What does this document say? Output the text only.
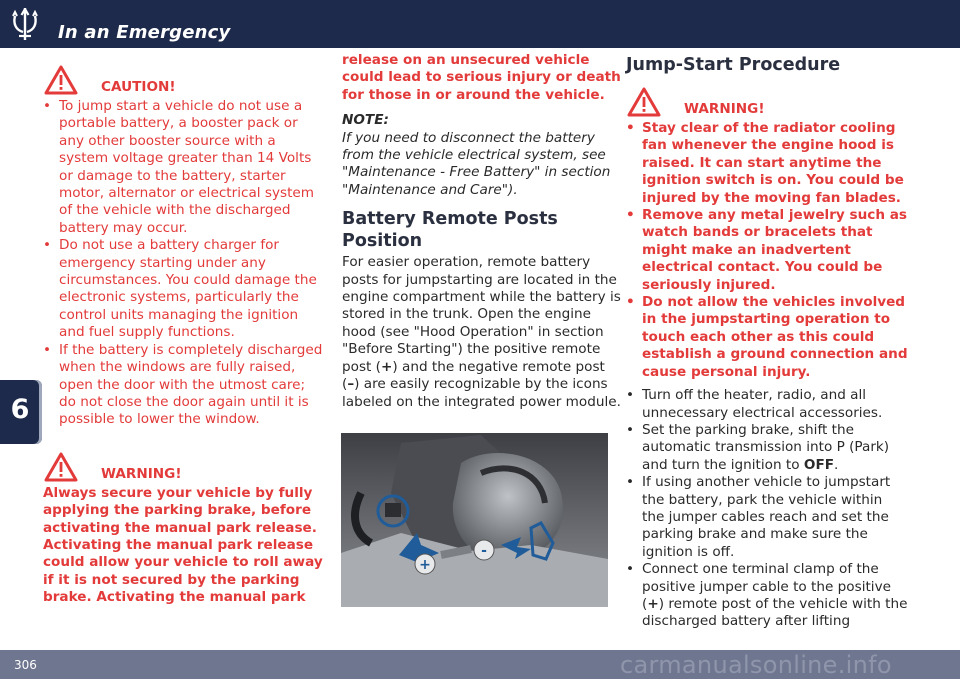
In an Emergency
6
CAUTION!

• To jump start a vehicle do not use a portable battery, a booster pack or any other booster source with a system voltage greater than 14 Volts or damage to the battery, starter motor, alternator or electrical system of the vehicle with the discharged battery may occur.

• Do not use a battery charger for emergency starting under any circumstances. You could damage the electronic systems, particularly the control units managing the ignition and fuel supply functions.

• If the battery is completely discharged when the windows are fully raised, open the door with the utmost care; do not close the door again until it is possible to lower the window.

WARNING!

Always secure your vehicle by fully applying the parking brake, before activating the manual park release. Activating the manual park release could allow your vehicle to roll away if it is not secured by the parking brake. Activating the manual park

release on an unsecured vehicle could lead to serious injury or death for those in or around the vehicle.

NOTE:

If you need to disconnect the battery from the vehicle electrical system, see "Maintenance - Free Battery" in section "Maintenance and Care").

Battery Remote Posts Position

For easier operation, remote battery posts for jumpstarting are located in the engine compartment while the battery is stored in the trunk. Open the engine hood (see "Hood Operation" in section "Before Starting") the positive remote post (+) and the negative remote post (–) are easily recognizable by the icons labeled on the integrated power module.

+
-
Jump-Start Procedure
WARNING!

• Stay clear of the radiator cooling fan whenever the engine hood is raised. It can start anytime the ignition switch is on. You could be injured by the moving fan blades.

• Remove any metal jewelry such as watch bands or bracelets that might make an inadvertent electrical contact. You could be seriously injured.

• Do not allow the vehicles involved in the jumpstarting operation to touch each other as this could establish a ground connection and cause personal injury.

• Turn off the heater, radio, and all unnecessary electrical accessories.

• Set the parking brake, shift the automatic transmission into P (Park) and turn the ignition to OFF.

• If using another vehicle to jumpstart the battery, park the vehicle within the jumper cables reach and set the parking brake and make sure the ignition is off.

• Connect one terminal clamp of the positive jumper cable to the positive (+) remote post of the vehicle with the discharged battery after lifting

306	carmanualsonline.info
